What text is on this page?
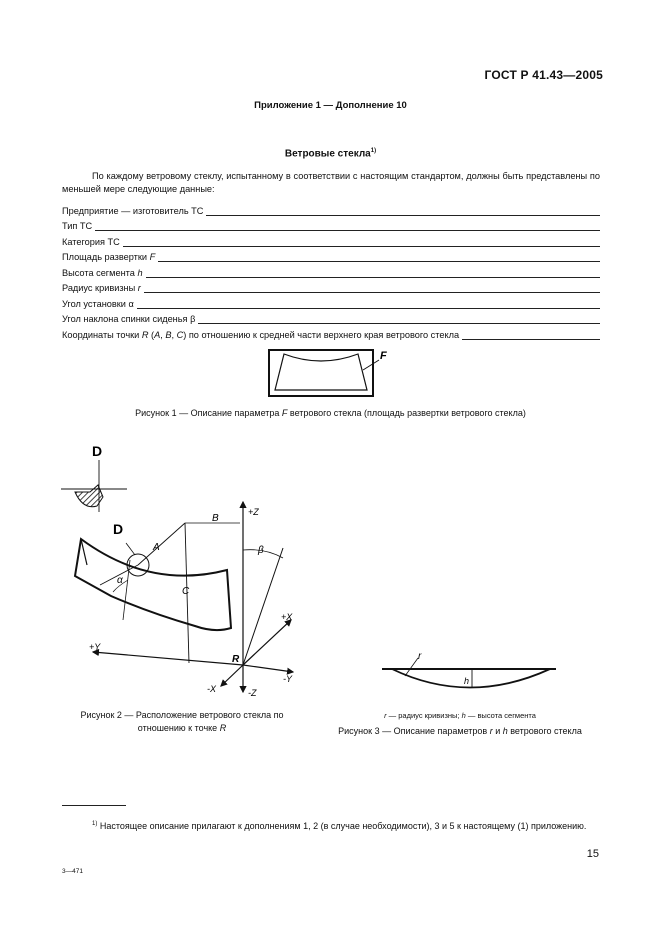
ГОСТ Р 41.43—2005
Приложение 1 — Дополнение 10
Ветровые стекла$^{1)}$
По каждому ветровому стеклу, испытанному в соответствии с настоящим стандартом, должны быть представлены по меньшей мере следующие данные:
Предприятие — изготовитель ТС
Тип ТС
Категория ТС
Площадь развертки
F
Высота сегмента
h
Радиус кривизны
r
Угол установки
α
Угол наклона спинки сиденья
β
Координаты точки R (A, B, C) по отношению к средней части верхнего края ветрового стекла
F
Рисунок 1 — Описание параметра F ветрового стекла (площадь развертки ветрового стекла)
D
D
α
A
C
B
+Z
-Z
+Y
-Y
+X
-X
β
R
Рисунок 2 — Расположение ветрового стекла по
отношению к точке R
r
h
r — радиус кривизны; h — высота сегмента
Рисунок 3 — Описание параметров r и h ветрового стекла
$^{1)}$ Настоящее описание прилагают к дополнениям 1, 2 (в случае необходимости), 3 и 5 к настоящему (1) приложению.
3—471
15
